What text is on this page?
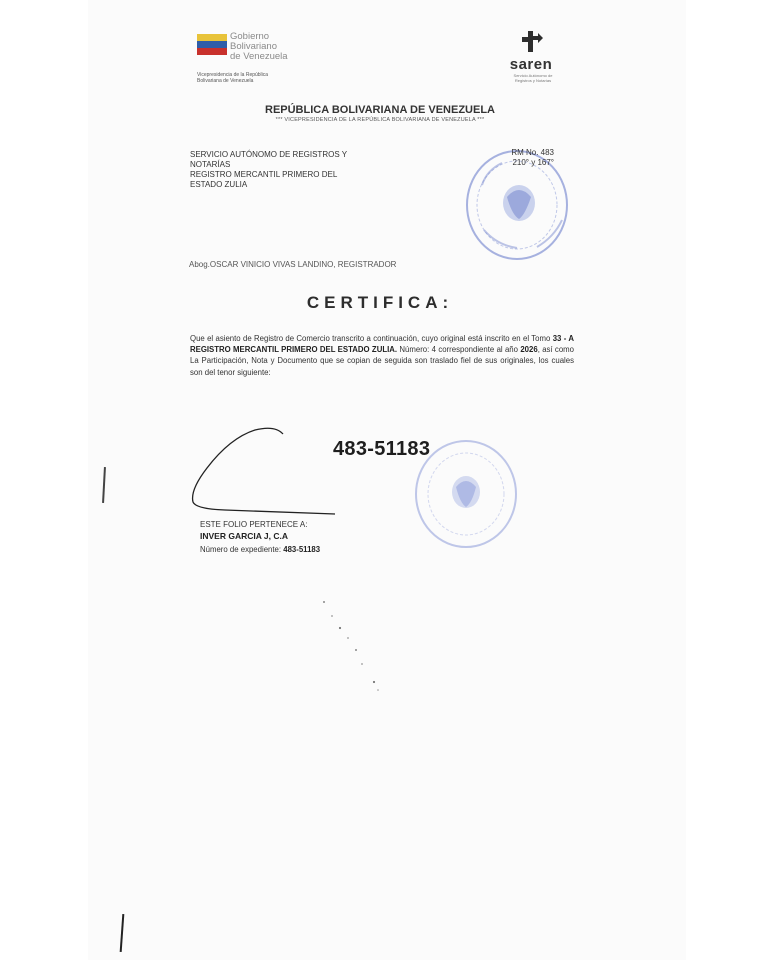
Gobierno
Bolivariano
de Venezuela
Vicepresidencia de la República
Bolivariana de Venezuela
saren
Servicio Autónomo de Registros y Notarías
REPÚBLICA BOLIVARIANA DE VENEZUELA
*** VICEPRESIDENCIA DE LA REPÚBLICA BOLIVARIANA DE VENEZUELA ***
SERVICIO AUTÓNOMO DE REGISTROS Y
NOTARÍAS
REGISTRO MERCANTIL PRIMERO DEL
ESTADO ZULIA
RM No. 483
210° y 167°
Abog.OSCAR VINICIO VIVAS LANDINO, REGISTRADOR
CERTIFICA:
Que el asiento de Registro de Comercio transcrito a continuación, cuyo original está inscrito en el Tomo 33 - A REGISTRO MERCANTIL PRIMERO DEL ESTADO ZULIA. Número: 4 correspondiente al año 2026, así como La Participación, Nota y Documento que se copian de seguida son traslado fiel de sus originales, los cuales son del tenor siguiente:
483-51183
ESTE FOLIO PERTENECE A:
INVER GARCIA J, C.A
Número de expediente: 483-51183
